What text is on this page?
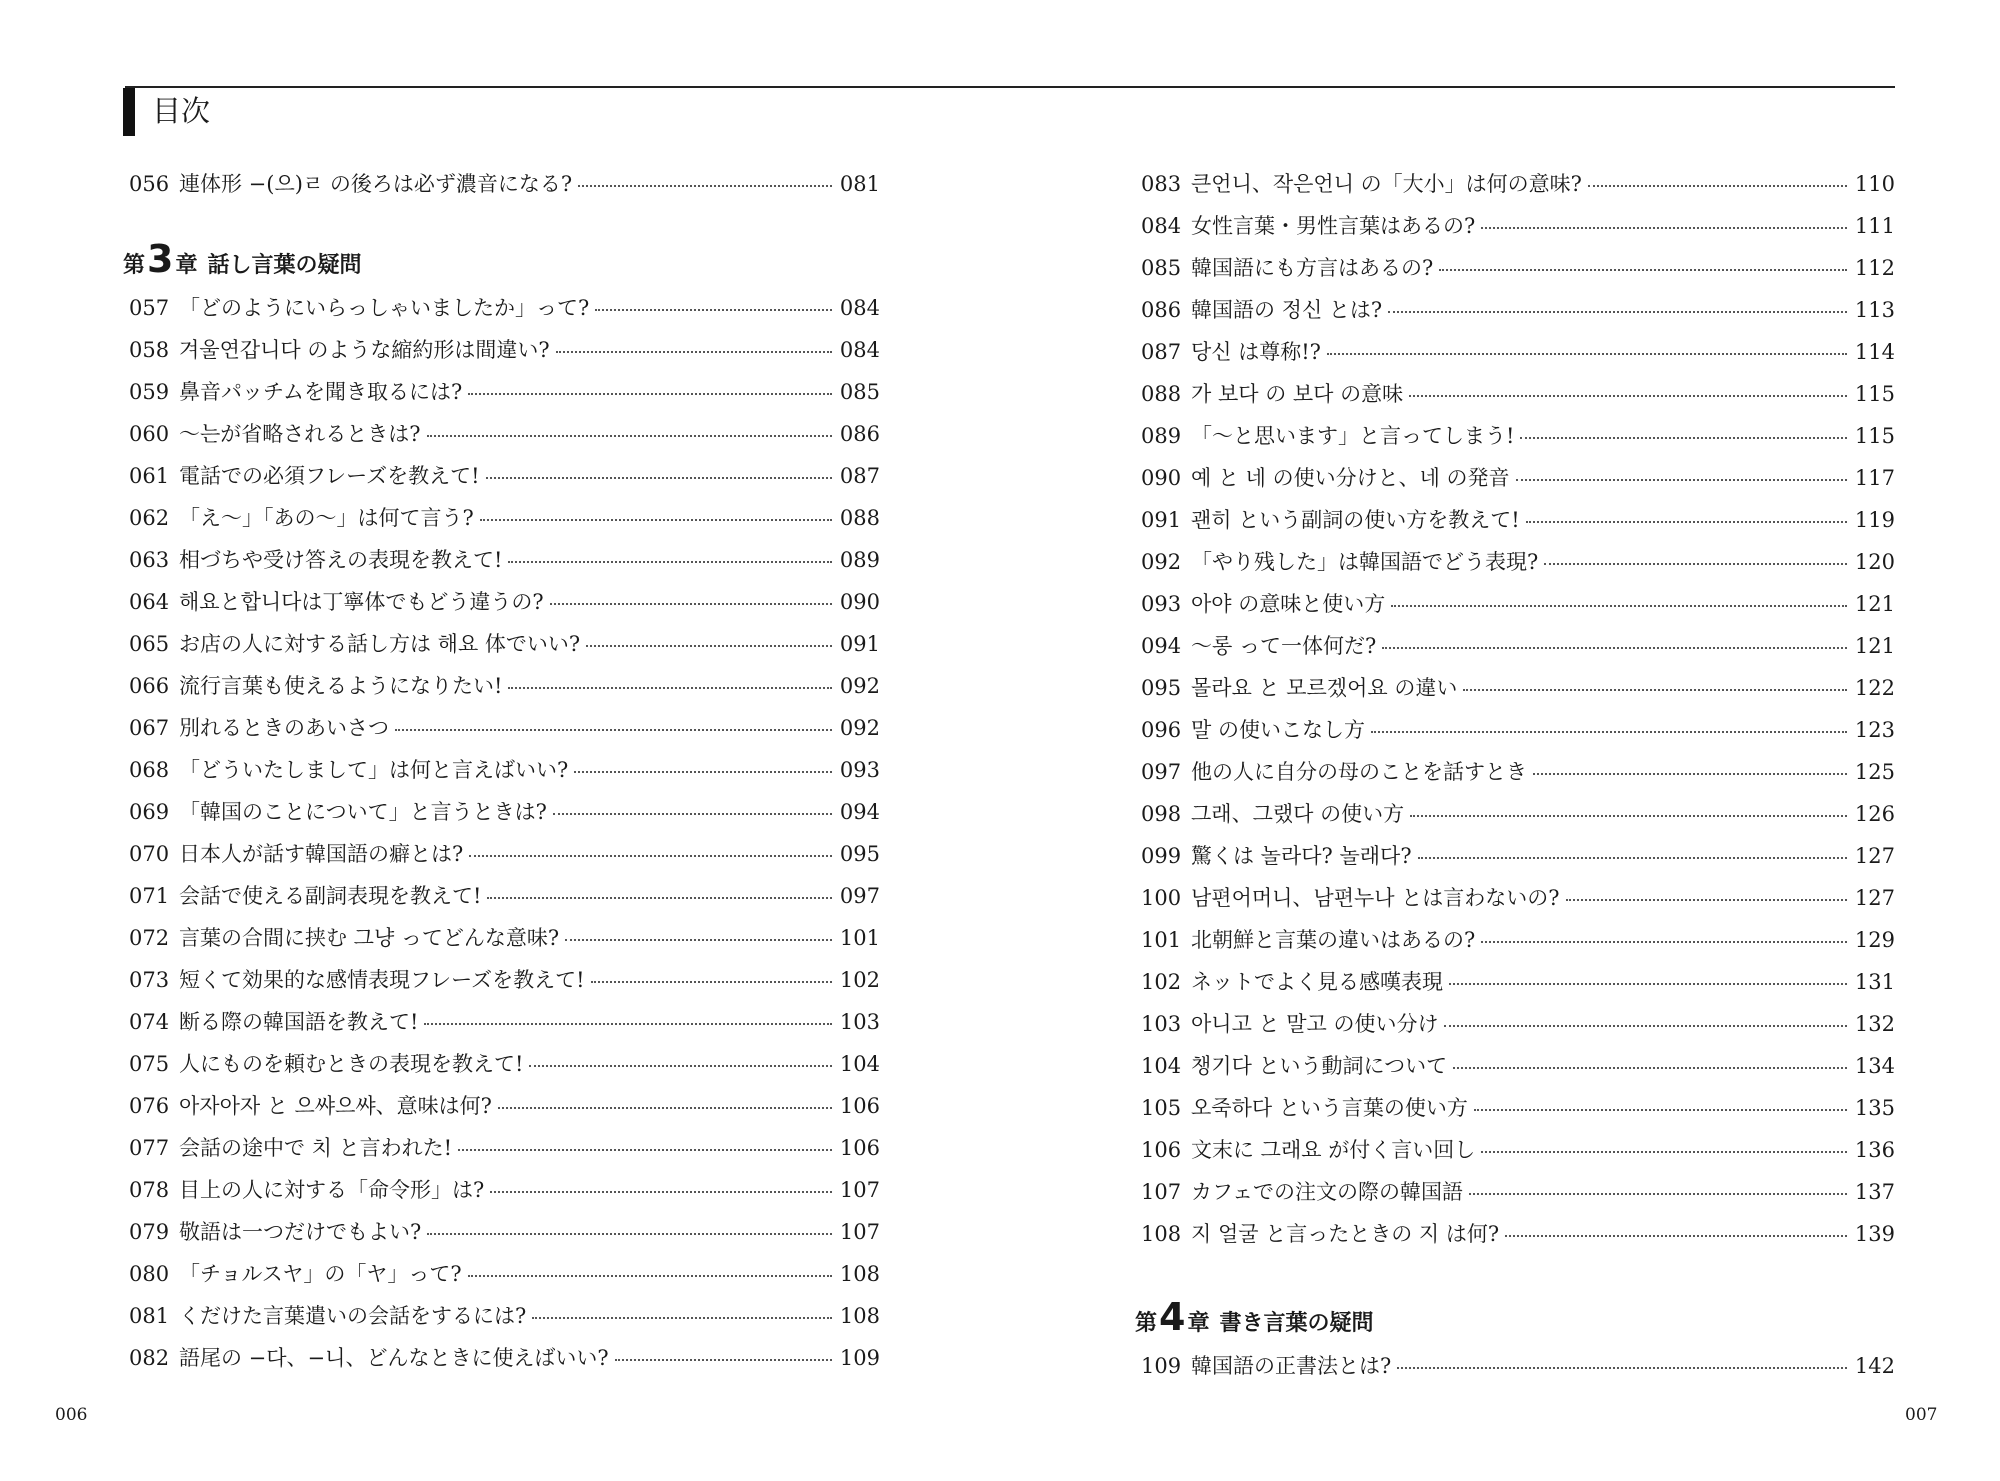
目次
056 連体形 −(으)ㄹ の後ろは必ず濃音になる?	081
第 3 章 話し言葉の疑問
057 「どのようにいらっしゃいましたか」って?	084
058 겨울연갑니다 のような縮約形は間違い?	084
059 鼻音パッチムを聞き取るには?	085
060 〜는が省略されるときは?	086
061 電話での必須フレーズを教えて!	087
062 「え〜」「あの〜」は何て言う?	088
063 相づちや受け答えの表現を教えて!	089
064 해요と합니다は丁寧体でもどう違うの?	090
065 お店の人に対する話し方は 해요 体でいい?	091
066 流行言葉も使えるようになりたい!	092
067 別れるときのあいさつ	092
068 「どういたしまして」は何と言えばいい?	093
069 「韓国のことについて」と言うときは?	094
070 日本人が話す韓国語の癖とは?	095
071 会話で使える副詞表現を教えて!	097
072 言葉の合間に挟む 그냥 ってどんな意味?	101
073 短くて効果的な感情表現フレーズを教えて!	102
074 断る際の韓国語を教えて!	103
075 人にものを頼むときの表現を教えて!	104
076 아자아자 と 으쌰으쌰、意味は何?	106
077 会話の途中で 치 と言われた!	106
078 目上の人に対する「命令形」は?	107
079 敬語は一つだけでもよい?	107
080 「チョルスヤ」の「ヤ」って?	108
081 くだけた言葉遣いの会話をするには?	108
082 語尾の −다、−니、どんなときに使えばいい?	109
083 큰언니、작은언니 の「大小」は何の意味?	110
084 女性言葉・男性言葉はあるの?	111
085 韓国語にも方言はあるの?	112
086 韓国語の 정신 とは?	113
087 당신 は尊称!?	114
088 가 보다 の 보다 の意味	115
089 「〜と思います」と言ってしまう!	115
090 예 と 네 の使い分けと、네 の発音	117
091 괜히 という副詞の使い方を教えて!	119
092 「やり残した」は韓国語でどう表現?	120
093 아야 の意味と使い方	121
094 〜롱 って一体何だ?	121
095 몰라요 と 모르겠어요 の違い	122
096 말 の使いこなし方	123
097 他の人に自分の母のことを話すとき	125
098 그래、그랬다 の使い方	126
099 驚くは 놀라다? 놀래다?	127
100 남편어머니、남편누나 とは言わないの?	127
101 北朝鮮と言葉の違いはあるの?	129
102 ネットでよく見る感嘆表現	131
103 아니고 と 말고 の使い分け	132
104 챙기다 という動詞について	134
105 오죽하다 という言葉の使い方	135
106 文末に 그래요 が付く言い回し	136
107 カフェでの注文の際の韓国語	137
108 지 얼굴 と言ったときの 지 は何?	139
第 4 章 書き言葉の疑問
109 韓国語の正書法とは?	142
006	007
